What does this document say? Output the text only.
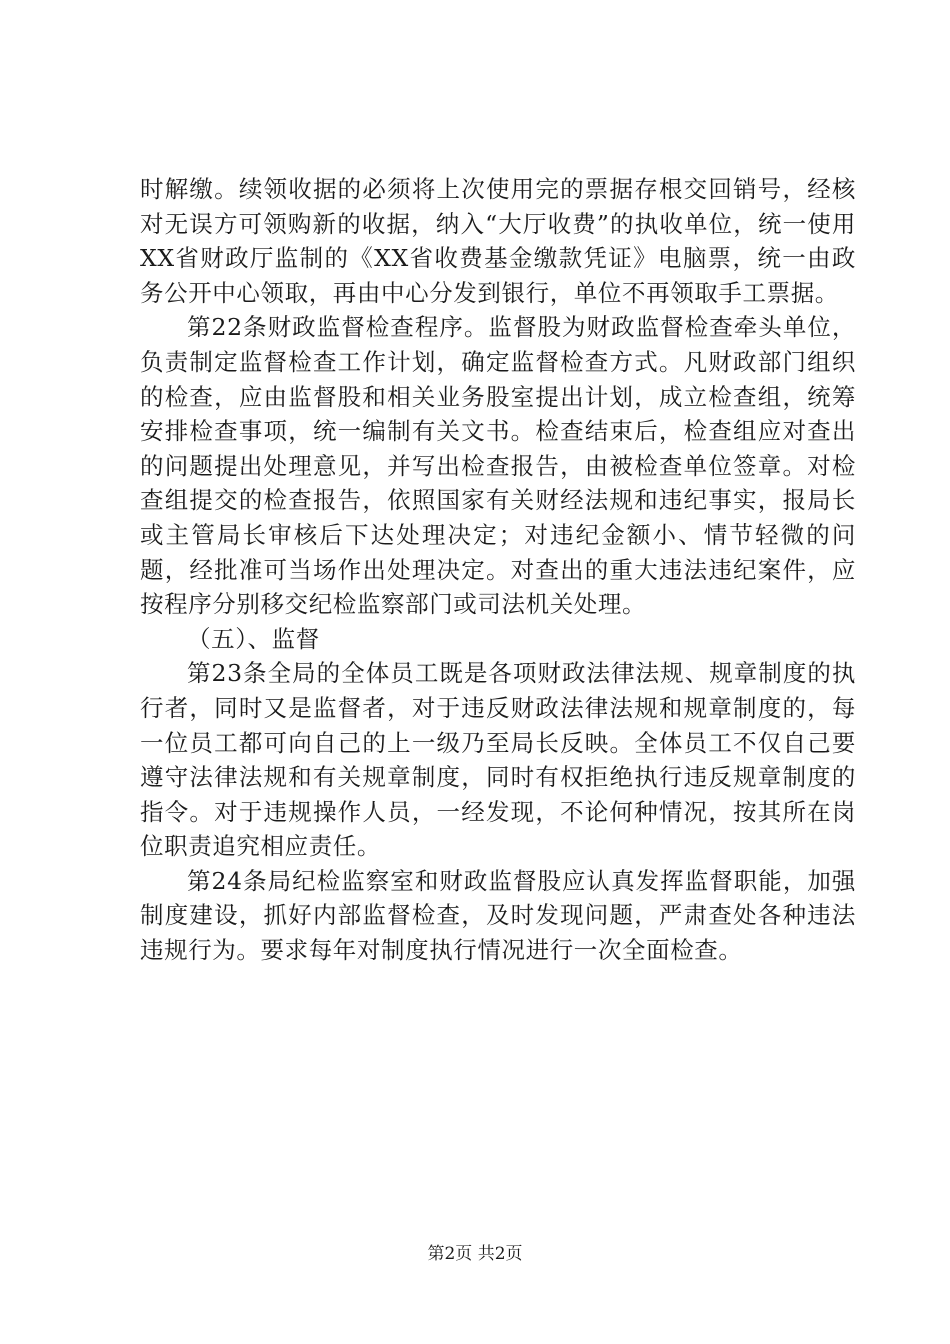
时解缴。续领收据的必须将上次使用完的票据存根交回销号，经核对无误方可领购新的收据，纳入“大厅收费”的执收单位，统一使用XX省财政厅监制的《XX省收费基金缴款凭证》电脑票，统一由政务公开中心领取，再由中心分发到银行，单位不再领取手工票据。

第22条财政监督检查程序。监督股为财政监督检查牵头单位，负责制定监督检查工作计划，确定监督检查方式。凡财政部门组织的检查，应由监督股和相关业务股室提出计划，成立检查组，统筹安排检查事项，统一编制有关文书。检查结束后，检查组应对查出的问题提出处理意见，并写出检查报告，由被检查单位签章。对检查组提交的检查报告，依照国家有关财经法规和违纪事实，报局长或主管局长审核后下达处理决定；对违纪金额小、情节轻微的问题，经批准可当场作出处理决定。对查出的重大违法违纪案件，应按程序分别移交纪检监察部门或司法机关处理。

（五）、监督

第23条全局的全体员工既是各项财政法律法规、规章制度的执行者，同时又是监督者，对于违反财政法律法规和规章制度的，每一位员工都可向自己的上一级乃至局长反映。全体员工不仅自己要遵守法律法规和有关规章制度，同时有权拒绝执行违反规章制度的指令。对于违规操作人员，一经发现，不论何种情况，按其所在岗位职责追究相应责任。

第24条局纪检监察室和财政监督股应认真发挥监督职能，加强制度建设，抓好内部监督检查，及时发现问题，严肃查处各种违法违规行为。要求每年对制度执行情况进行一次全面检查。

第2页 共2页
